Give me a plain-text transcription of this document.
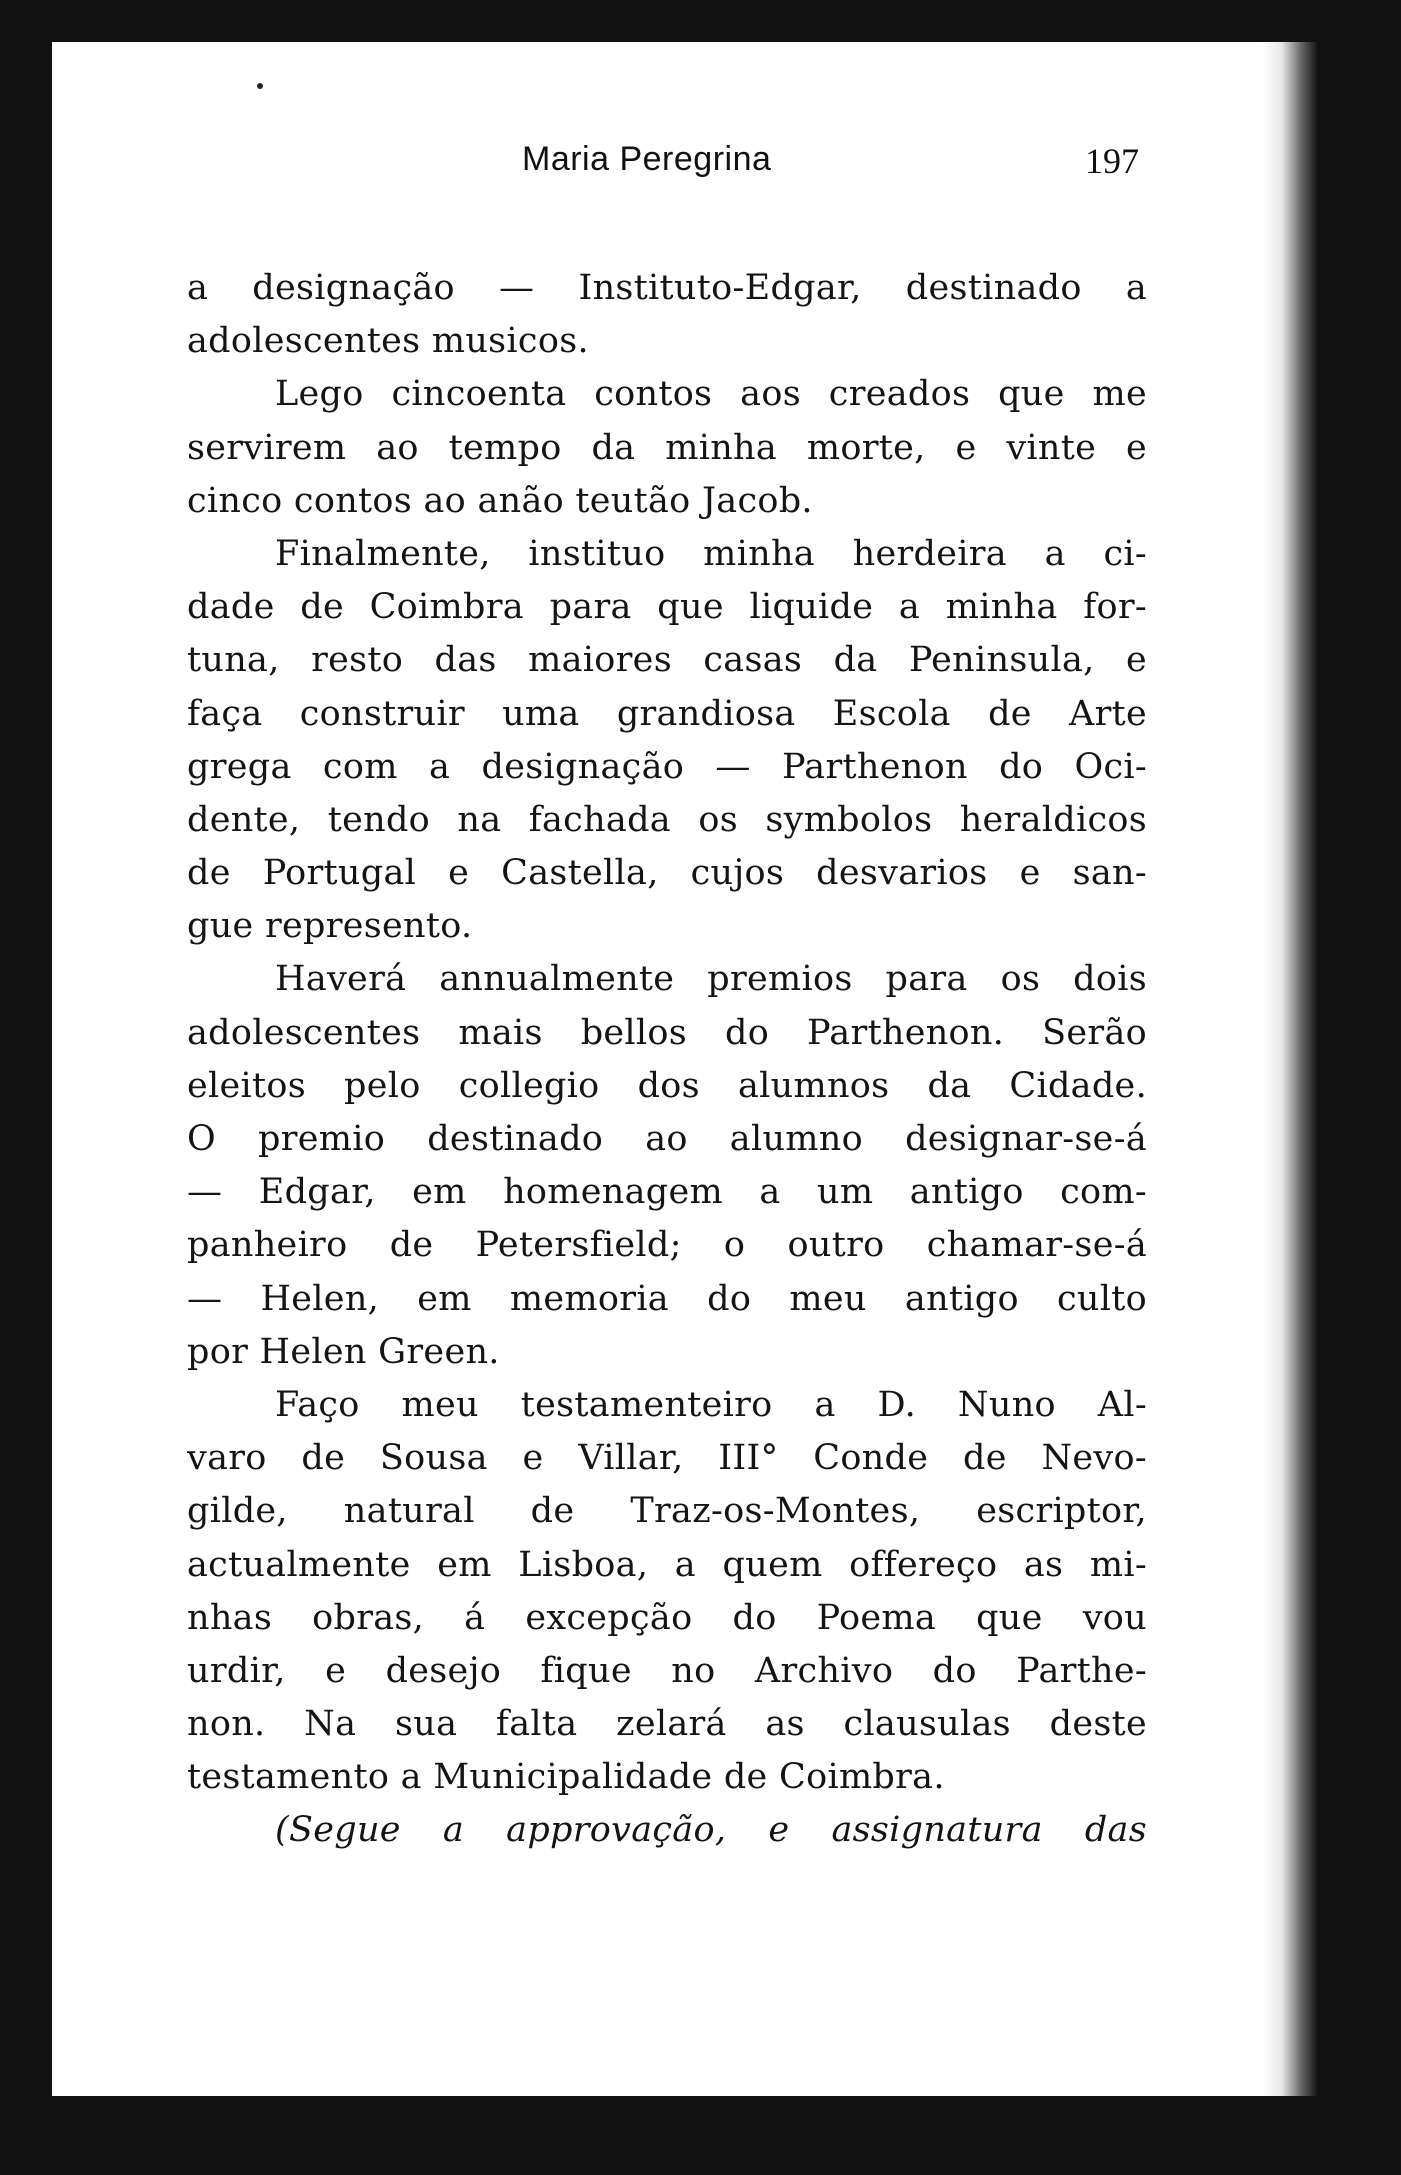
Maria Peregrina	197
a designação — Instituto-Edgar, destinado a
adolescentes musicos.
Lego cincoenta contos aos creados que me
servirem ao tempo da minha morte, e vinte e
cinco contos ao anão teutão Jacob.
Finalmente, instituo minha herdeira a ci-
dade de Coimbra para que liquide a minha for-
tuna, resto das maiores casas da Peninsula, e
faça construir uma grandiosa Escola de Arte
grega com a designação — Parthenon do Oci-
dente, tendo na fachada os symbolos heraldicos
de Portugal e Castella, cujos desvarios e san-
gue represento.
Haverá annualmente premios para os dois
adolescentes mais bellos do Parthenon. Serão
eleitos pelo collegio dos alumnos da Cidade.
O premio destinado ao alumno designar-se-á
— Edgar, em homenagem a um antigo com-
panheiro de Petersfield; o outro chamar-se-á
— Helen, em memoria do meu antigo culto
por Helen Green.
Faço meu testamenteiro a D. Nuno Al-
varo de Sousa e Villar, III° Conde de Nevo-
gilde, natural de Traz-os-Montes, escriptor,
actualmente em Lisboa, a quem offereço as mi-
nhas obras, á excepção do Poema que vou
urdir, e desejo fique no Archivo do Parthe-
non. Na sua falta zelará as clausulas deste
testamento a Municipalidade de Coimbra.
(Segue a approvação, e assignatura das
